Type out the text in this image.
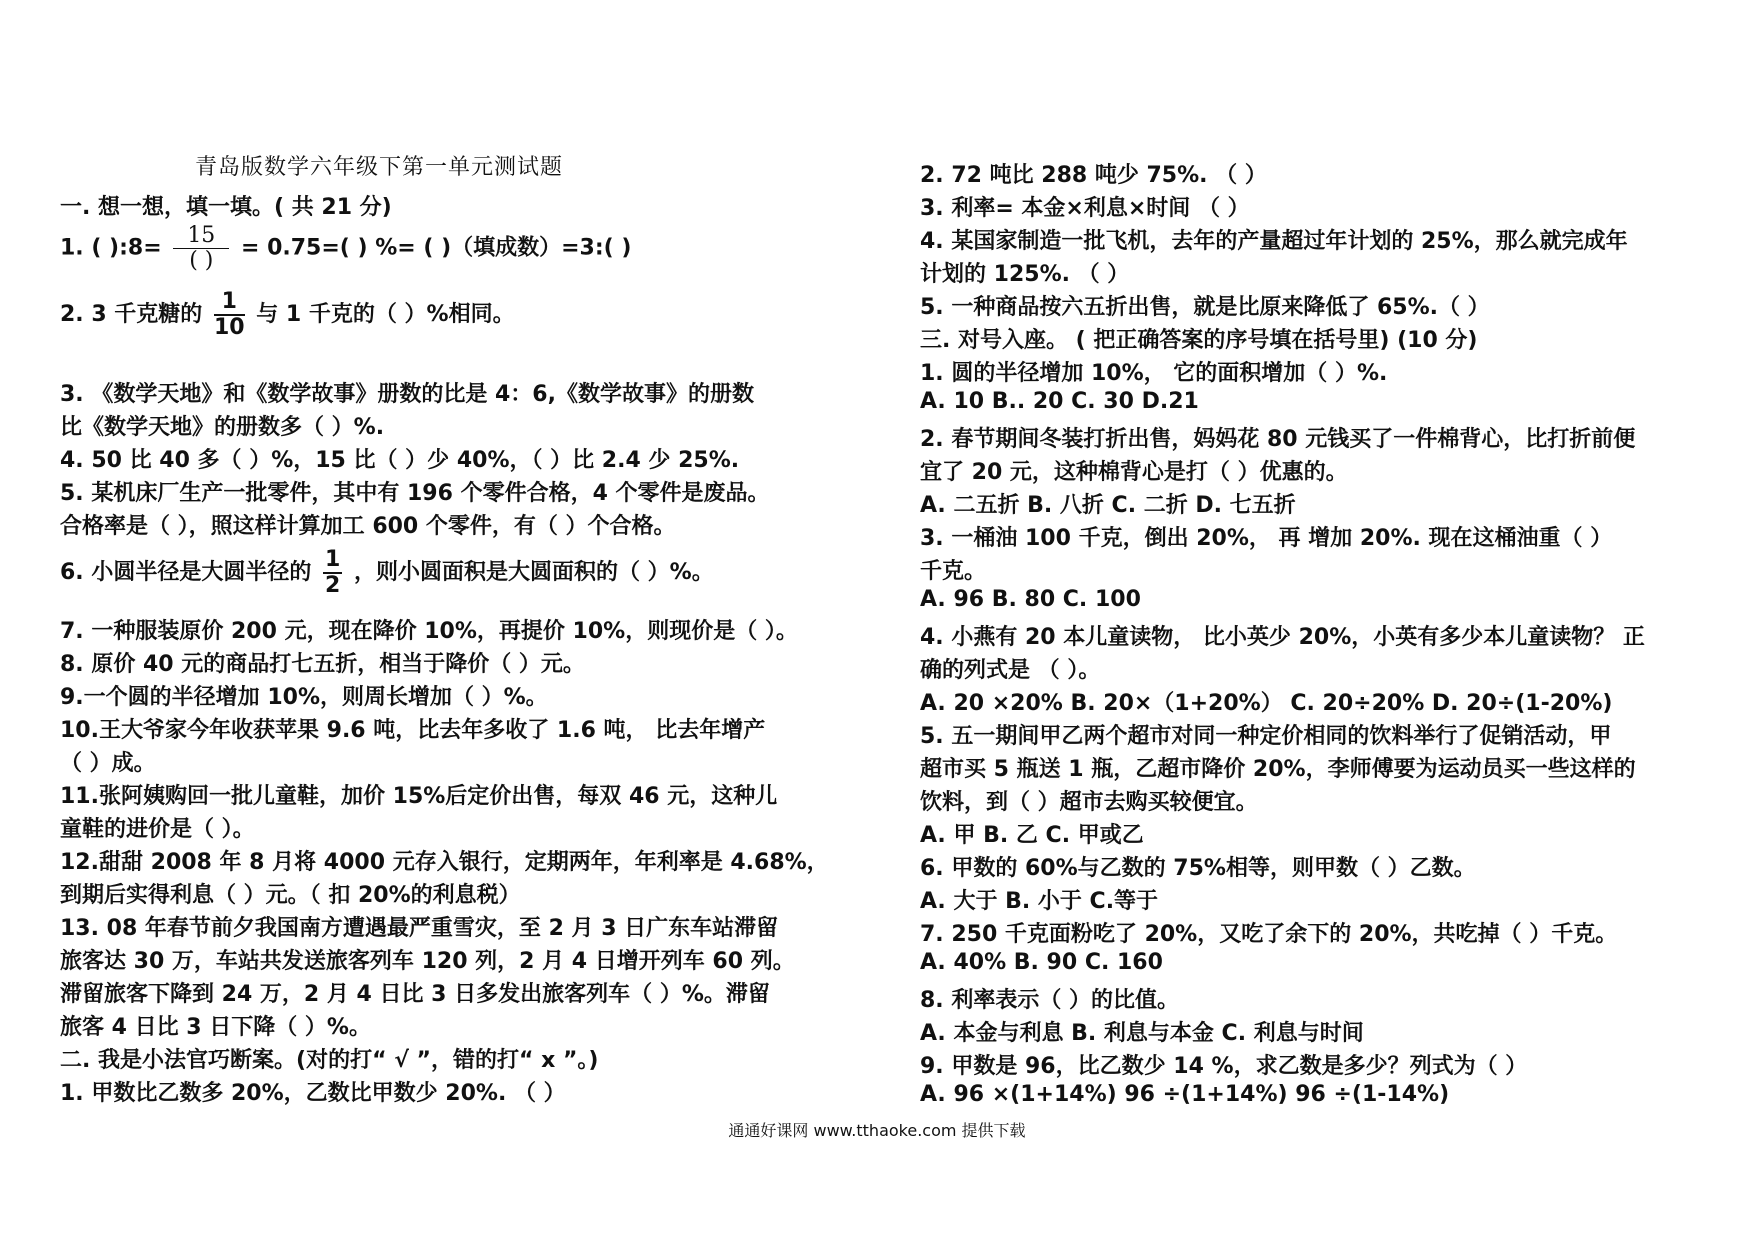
青岛版数学六年级下第一单元测试题
一. 想一想，填一填。( 共 21 分)
1. ( ):8= $\frac{15}{( )} = 0.75=$( ) %= ( )（填成数）=3:( )
2. 3 千克糖的 $\frac{1}{10}$ 与 1 千克的（ ）%相同。
3. 《数学天地》和《数学故事》册数的比是 4：6,《数学故事》的册数
比《数学天地》的册数多（ ）%.
4. 50 比 40 多（ ）%，15 比（ ）少 40%，（ ）比 2.4 少 25%.
5. 某机床厂生产一批零件，其中有 196 个零件合格，4 个零件是废品。
合格率是（ ），照这样计算加工 600 个零件，有（ ）个合格。
6. 小圆半径是大圆半径的 $\frac{1}{2}$ ，则小圆面积是大圆面积的（ ）%。
7. 一种服装原价 200 元，现在降价 10%，再提价 10%，则现价是（ ）。
8. 原价 40 元的商品打七五折，相当于降价（ ）元。
9.一个圆的半径增加 10%，则周长增加（ ）%。
10.王大爷家今年收获苹果 9.6 吨，比去年多收了 1.6 吨， 比去年增产
（ ）成。
11.张阿姨购回一批儿童鞋，加价 15%后定价出售，每双 46 元，这种儿
童鞋的进价是（ ）。
12.甜甜 2008 年 8 月将 4000 元存入银行，定期两年，年利率是 4.68%，
到期后实得利息（ ）元。（ 扣 20%的利息税）
13. 08 年春节前夕我国南方遭遇最严重雪灾，至 2 月 3 日广东车站滞留
旅客达 30 万，车站共发送旅客列车 120 列，2 月 4 日增开列车 60 列。
滞留旅客下降到 24 万，2 月 4 日比 3 日多发出旅客列车（ ）%。滞留
旅客 4 日比 3 日下降（ ）%。
二. 我是小法官巧断案。(对的打“ √ ”，错的打“ x ”。)
1. 甲数比乙数多 20%，乙数比甲数少 20%. （ ）
2. 72 吨比 288 吨少 75%. （ ）
3. 利率= 本金×利息×时间 （ ）
4. 某国家制造一批飞机，去年的产量超过年计划的 25%，那么就完成年
计划的 125%. （ ）
5. 一种商品按六五折出售，就是比原来降低了 65%.（ ）
三. 对号入座。 ( 把正确答案的序号填在括号里) (10 分)
1. 圆的半径增加 10%， 它的面积增加（ ）%.
A. 10 B.. 20 C. 30 D.21
2. 春节期间冬装打折出售，妈妈花 80 元钱买了一件棉背心，比打折前便
宜了 20 元，这种棉背心是打（ ）优惠的。
A. 二五折 B. 八折 C. 二折 D. 七五折
3. 一桶油 100 千克，倒出 20%， 再 增加 20%. 现在这桶油重（ ）
千克。
A. 96 B. 80 C. 100
4. 小燕有 20 本儿童读物， 比小英少 20%，小英有多少本儿童读物？ 正
确的列式是 （ ）。
A. 20 ×20% B. 20×（1+20%） C. 20÷20% D. 20÷(1-20%)
5. 五一期间甲乙两个超市对同一种定价相同的饮料举行了促销活动，甲
超市买 5 瓶送 1 瓶，乙超市降价 20%，李师傅要为运动员买一些这样的
饮料，到（ ）超市去购买较便宜。
A. 甲 B. 乙 C. 甲或乙
6. 甲数的 60%与乙数的 75%相等，则甲数（ ）乙数。
A. 大于 B. 小于 C.等于
7. 250 千克面粉吃了 20%，又吃了余下的 20%，共吃掉（ ）千克。
A. 40% B. 90 C. 160
8. 利率表示（ ）的比值。
A. 本金与利息 B. 利息与本金 C. 利息与时间
9. 甲数是 96，比乙数少 14 %，求乙数是多少？列式为（ ）
A. 96 ×(1+14%) 96 ÷(1+14%) 96 ÷(1-14%)
通通好课网 www.tthaoke.com 提供下载
